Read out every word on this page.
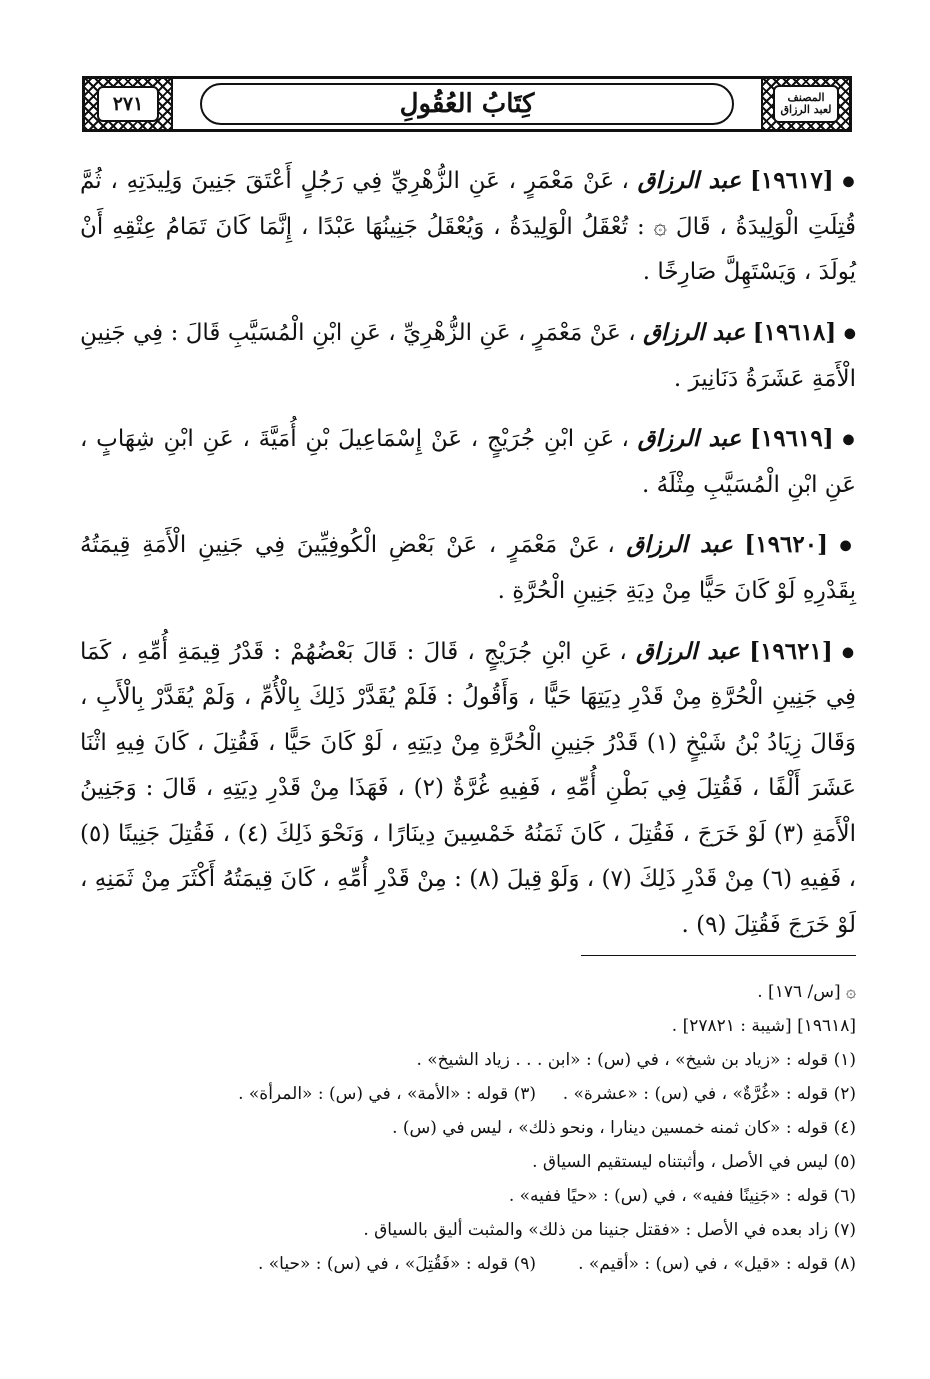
٢٧١	كِتَابُ العُقُولِ	المصنف
لعبد الرزاق

● [١٩٦١٧] عبد الرزاق ، عَنْ مَعْمَرٍ ، عَنِ الزُّهْرِيِّ فِي رَجُلٍ أَعْتَقَ جَنِينَ وَلِيدَتِهِ ، ثُمَّ قُتِلَتِ الْوَلِيدَةُ ، قَالَ ۞ : تُعْقَلُ الْوَلِيدَةُ ، وَيُعْقَلُ جَنِينُهَا عَبْدًا ، إِنَّمَا كَانَ تَمَامُ عِتْقِهِ أَنْ يُولَدَ ، وَيَسْتَهِلَّ صَارِخًا .

● [١٩٦١٨] عبد الرزاق ، عَنْ مَعْمَرٍ ، عَنِ الزُّهْرِيِّ ، عَنِ ابْنِ الْمُسَيَّبِ قَالَ : فِي جَنِينِ الْأَمَةِ عَشَرَةُ دَنَانِيرَ .

● [١٩٦١٩] عبد الرزاق ، عَنِ ابْنِ جُرَيْجٍ ، عَنْ إِسْمَاعِيلَ بْنِ أُمَيَّةَ ، عَنِ ابْنِ شِهَابٍ ، عَنِ ابْنِ الْمُسَيَّبِ مِثْلَهُ .

● [١٩٦٢٠] عبد الرزاق ، عَنْ مَعْمَرٍ ، عَنْ بَعْضِ الْكُوفِيِّينَ فِي جَنِينِ الْأَمَةِ قِيمَتُهُ بِقَدْرِهِ لَوْ كَانَ حَيًّا مِنْ دِيَةِ جَنِينِ الْحُرَّةِ .

● [١٩٦٢١] عبد الرزاق ، عَنِ ابْنِ جُرَيْجٍ ، قَالَ : قَالَ بَعْضُهُمْ : قَدْرُ قِيمَةِ أُمِّهِ ، كَمَا فِي جَنِينِ الْحُرَّةِ مِنْ قَدْرِ دِيَتِهَا حَيًّا ، وَأَقُولُ : فَلَمْ يُقَدَّرْ ذَلِكَ بِالْأُمِّ ، وَلَمْ يُقَدَّرْ بِالْأَبِ ، وَقَالَ زِيَادُ بْنُ شَيْخٍ (١) قَدْرُ جَنِينِ الْحُرَّةِ مِنْ دِيَتِهِ ، لَوْ كَانَ حَيًّا ، فَقُتِلَ ، كَانَ فِيهِ اثْنَا عَشَرَ أَلْفًا ، فَقُتِلَ فِي بَطْنِ أُمِّهِ ، فَفِيهِ غُرَّةٌ (٢) ، فَهَذَا مِنْ قَدْرِ دِيَتِهِ ، قَالَ : وَجَنِينُ الْأَمَةِ (٣) لَوْ خَرَجَ ، فَقُتِلَ ، كَانَ ثَمَنُهُ خَمْسِينَ دِينَارًا ، وَنَحْوَ ذَلِكَ (٤) ، فَقُتِلَ جَنِينًا (٥) ، فَفِيهِ (٦) مِنْ قَدْرِ ذَلِكَ (٧) ، وَلَوْ قِيلَ (٨) : مِنْ قَدْرِ أُمِّهِ ، كَانَ قِيمَتُهُ أَكْثَرَ مِنْ ثَمَنِهِ ، لَوْ خَرَجَ فَقُتِلَ (٩) .

۞ [س/ ١٧٦] .
[١٩٦١٨] [شيبة : ٢٧٨٢١] .
(١) قوله : «زياد بن شيخ» ، في (س) : «ابن . . . زياد الشيخ» .
(٢) قوله : «غُرَّةٌ» ، في (س) : «عشرة» .
(٣) قوله : «الأمة» ، في (س) : «المرأة» .
(٤) قوله : «كان ثمنه خمسين دينارا ، ونحو ذلك» ، ليس في (س) .
(٥) ليس في الأصل ، وأثبتناه ليستقيم السياق .
(٦) قوله : «جَنِينًا ففيه» ، في (س) : «حيًا ففيه» .
(٧) زاد بعده في الأصل : «فقتل جنينا من ذلك» والمثبت أليق بالسياق .
(٨) قوله : «قيل» ، في (س) : «أقيم» .
(٩) قوله : «فَقُتِلَ» ، في (س) : «حيا» .
